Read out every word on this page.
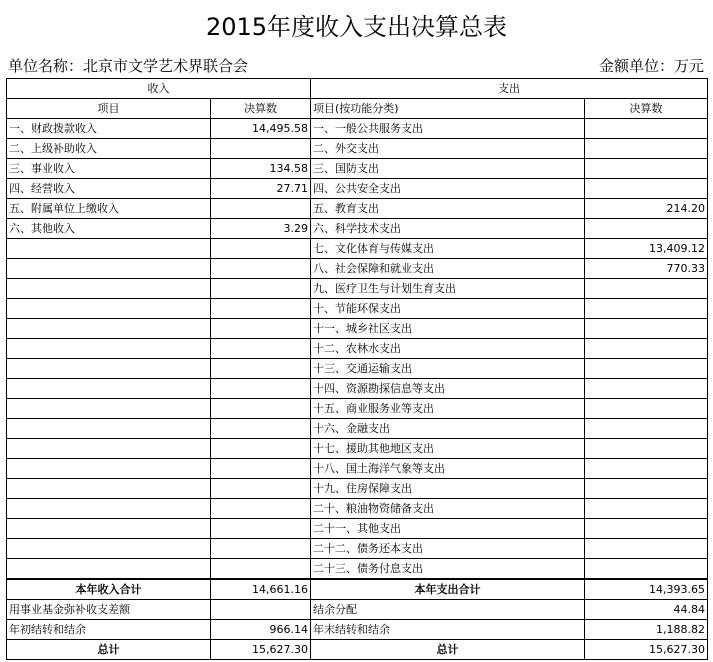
2015年度收入支出决算总表
单位名称：北京市文学艺术界联合会	金额单位：万元
收入		支出	
项目	决算数	项目(按功能分类)	决算数
一、财政拨款收入	14,495.58	一、一般公共服务支出	
二、上级补助收入		二、外交支出	
三、事业收入	134.58	三、国防支出	
四、经营收入	27.71	四、公共安全支出	
五、附属单位上缴收入		五、教育支出	214.20
六、其他收入	3.29	六、科学技术支出	
		七、文化体育与传媒支出	13,409.12
		八、社会保障和就业支出	770.33
		九、医疗卫生与计划生育支出	
		十、节能环保支出	
		十一、城乡社区支出	
		十二、农林水支出	
		十三、交通运输支出	
		十四、资源勘探信息等支出	
		十五、商业服务业等支出	
		十六、金融支出	
		十七、援助其他地区支出	
		十八、国土海洋气象等支出	
		十九、住房保障支出	
		二十、粮油物资储备支出	
		二十一、其他支出	
		二十二、债务还本支出	
		二十三、债务付息支出	
本年收入合计	14,661.16	本年支出合计	14,393.65
用事业基金弥补收支差额		结余分配	44.84
年初结转和结余	966.14	年末结转和结余	1,188.82
总计	15,627.30	总计	15,627.30
